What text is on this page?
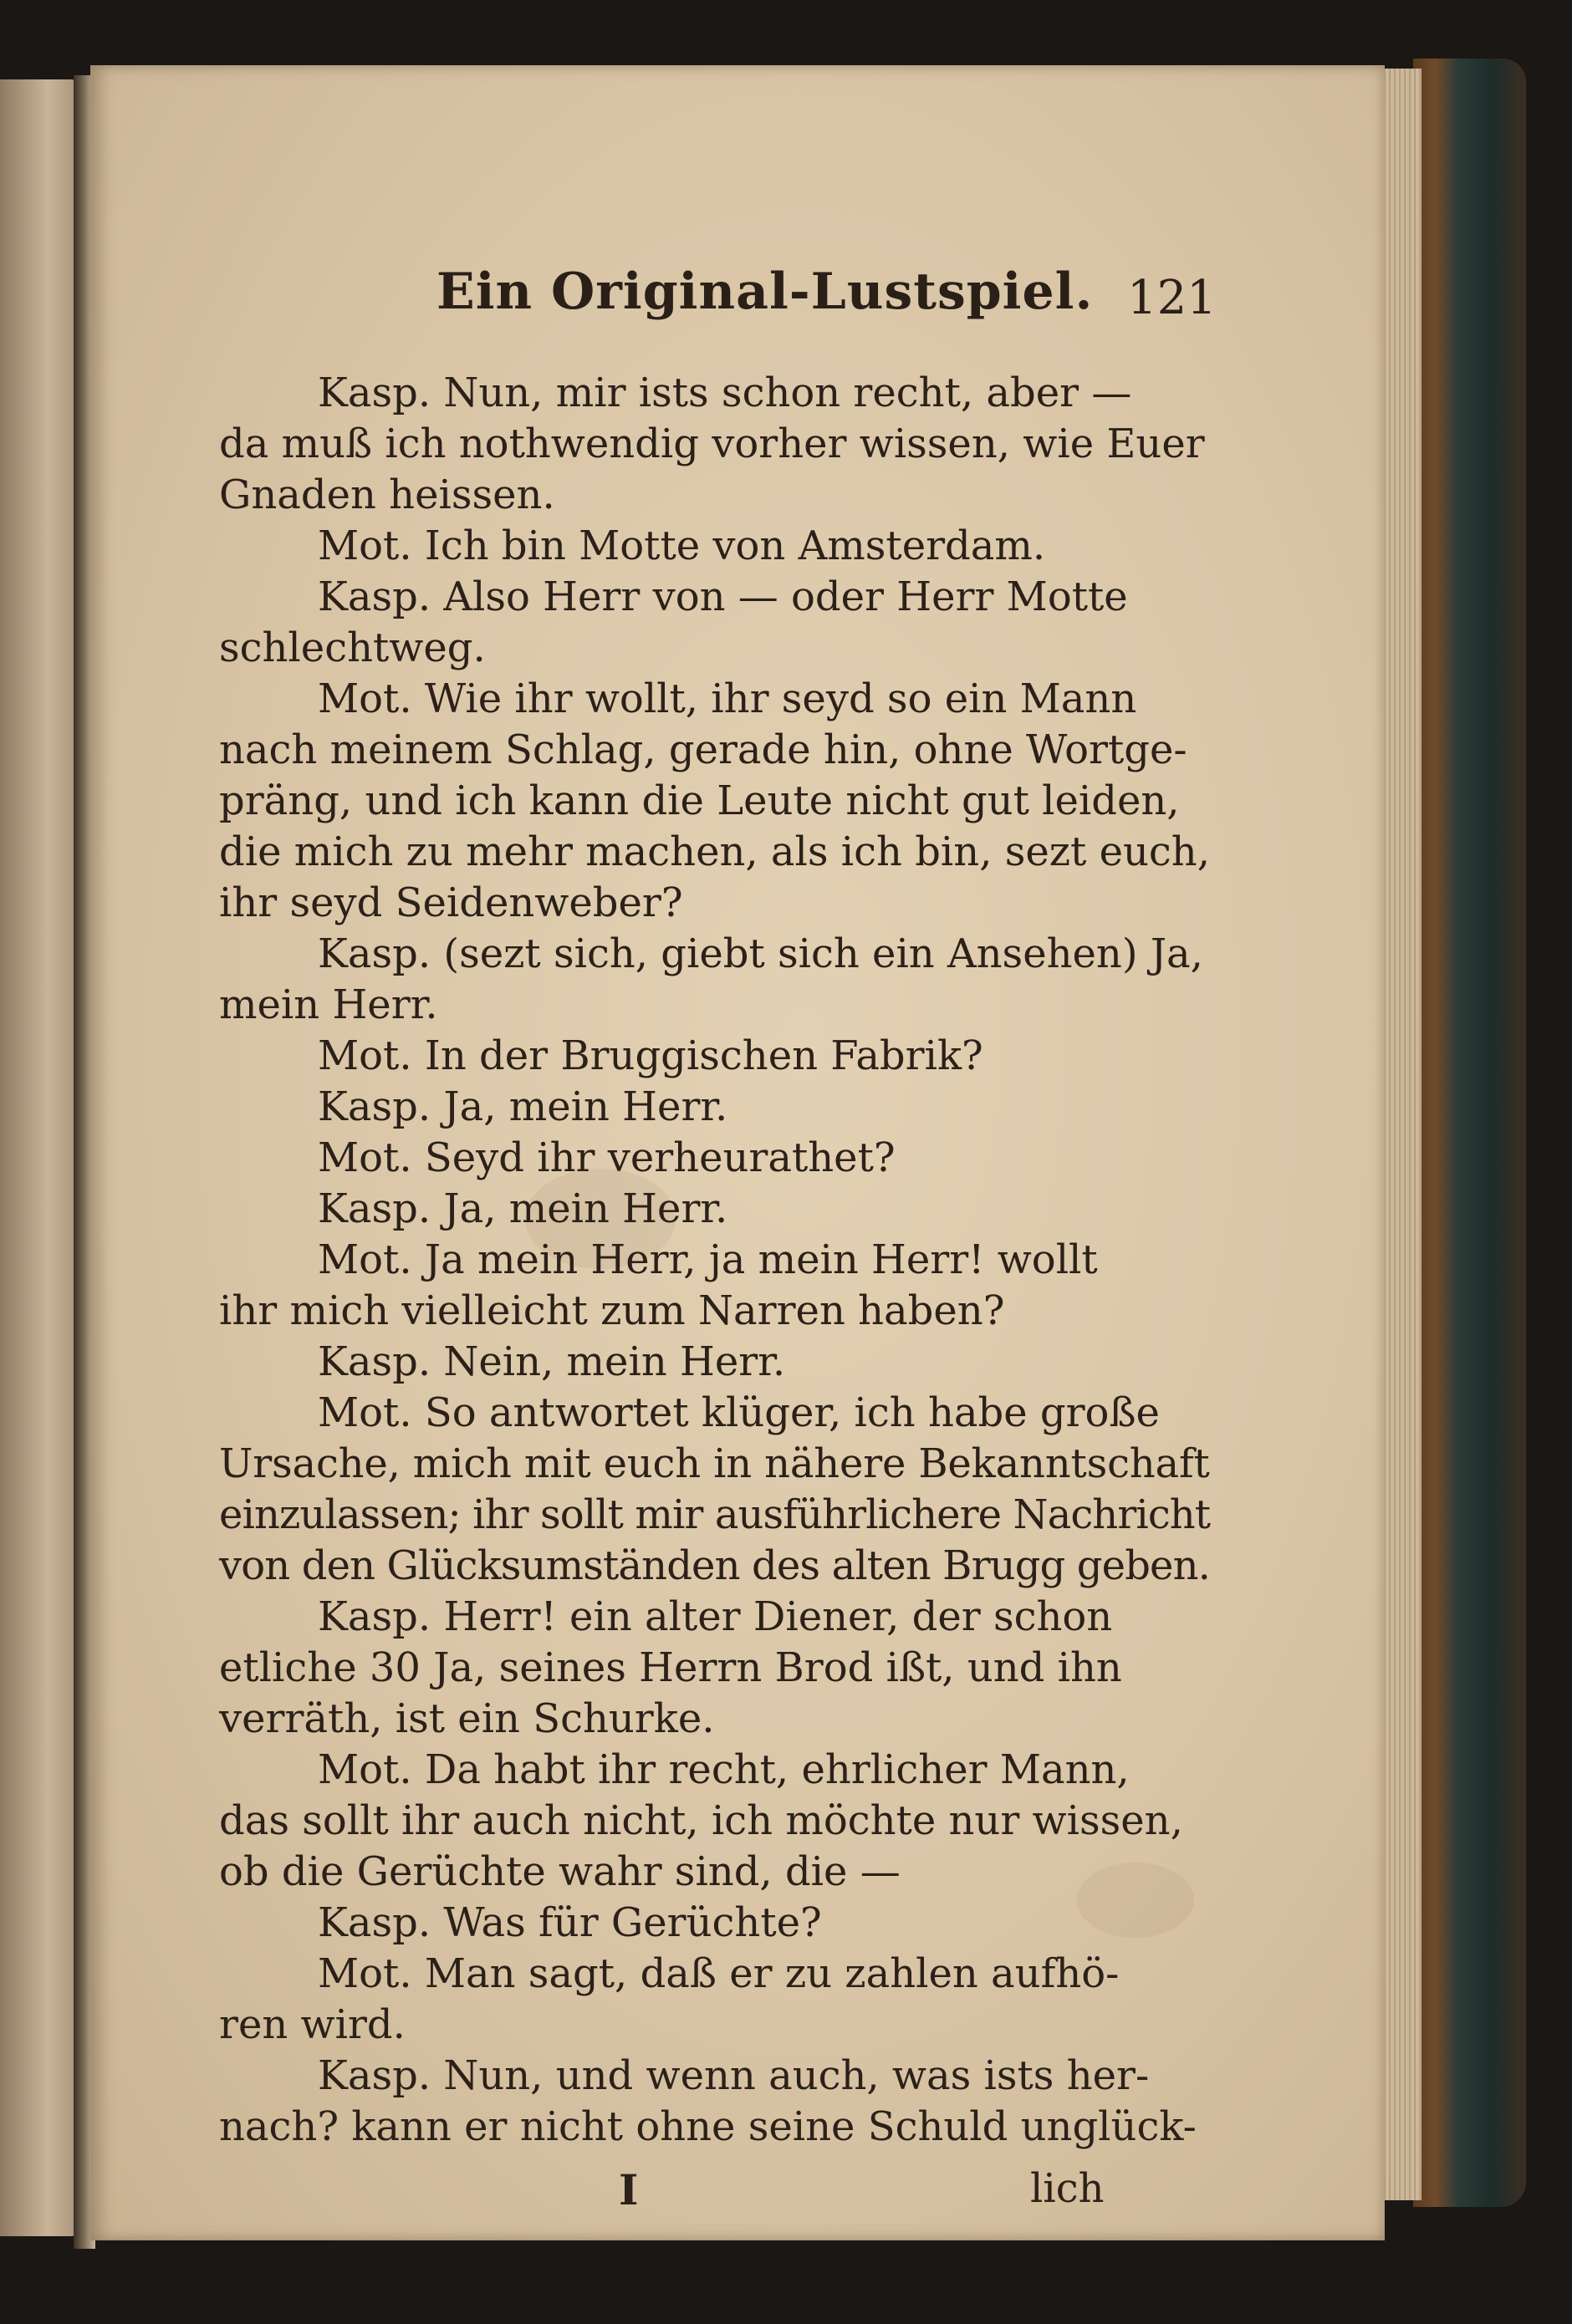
Ein Original-Lustspiel. 121
Kasp. Nun, mir ists schon recht, aber —
da muß ich nothwendig vorher wissen, wie Euer
Gnaden heissen.
Mot. Ich bin Motte von Amsterdam.
Kasp. Also Herr von — oder Herr Motte
schlechtweg.
Mot. Wie ihr wollt, ihr seyd so ein Mann
nach meinem Schlag, gerade hin, ohne Wortge-
präng, und ich kann die Leute nicht gut leiden,
die mich zu mehr machen, als ich bin, sezt euch,
ihr seyd Seidenweber?
Kasp. (sezt sich, giebt sich ein Ansehen) Ja,
mein Herr.
Mot. In der Bruggischen Fabrik?
Kasp. Ja, mein Herr.
Mot. Seyd ihr verheurathet?
Kasp. Ja, mein Herr.
Mot. Ja mein Herr, ja mein Herr! wollt
ihr mich vielleicht zum Narren haben?
Kasp. Nein, mein Herr.
Mot. So antwortet klüger, ich habe große
Ursache, mich mit euch in nähere Bekanntschaft
einzulassen; ihr sollt mir ausführlichere Nachricht
von den Glücksumständen des alten Brugg geben.
Kasp. Herr! ein alter Diener, der schon
etliche 30 Ja, seines Herrn Brod ißt, und ihn
verräth, ist ein Schurke.
Mot. Da habt ihr recht, ehrlicher Mann,
das sollt ihr auch nicht, ich möchte nur wissen,
ob die Gerüchte wahr sind, die —
Kasp. Was für Gerüchte?
Mot. Man sagt, daß er zu zahlen aufhö-
ren wird.
Kasp. Nun, und wenn auch, was ists her-
nach? kann er nicht ohne seine Schuld unglück-
I	lich
